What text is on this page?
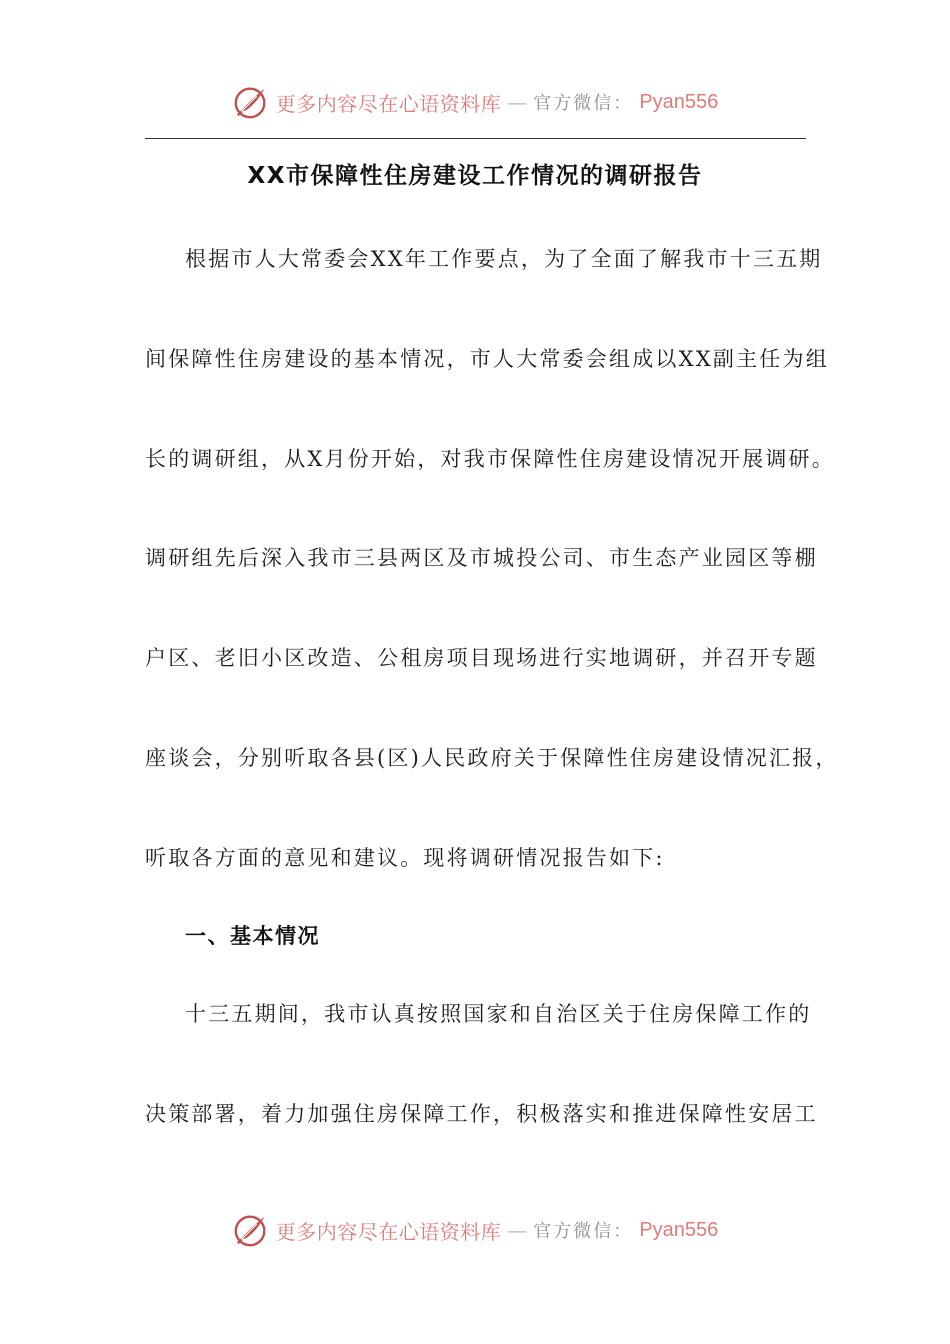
更多内容尽在心语资料库 — 官方微信： Pyan556
XX市保障性住房建设工作情况的调研报告
根据市人大常委会XX年工作要点，为了全面了解我市十三五期
间保障性住房建设的基本情况，市人大常委会组成以XX副主任为组
长的调研组，从X月份开始，对我市保障性住房建设情况开展调研。
调研组先后深入我市三县两区及市城投公司、市生态产业园区等棚
户区、老旧小区改造、公租房项目现场进行实地调研，并召开专题
座谈会，分别听取各县(区)人民政府关于保障性住房建设情况汇报，
听取各方面的意见和建议。现将调研情况报告如下:
一、基本情况
十三五期间，我市认真按照国家和自治区关于住房保障工作的
决策部署，着力加强住房保障工作，积极落实和推进保障性安居工
更多内容尽在心语资料库 — 官方微信： Pyan556
